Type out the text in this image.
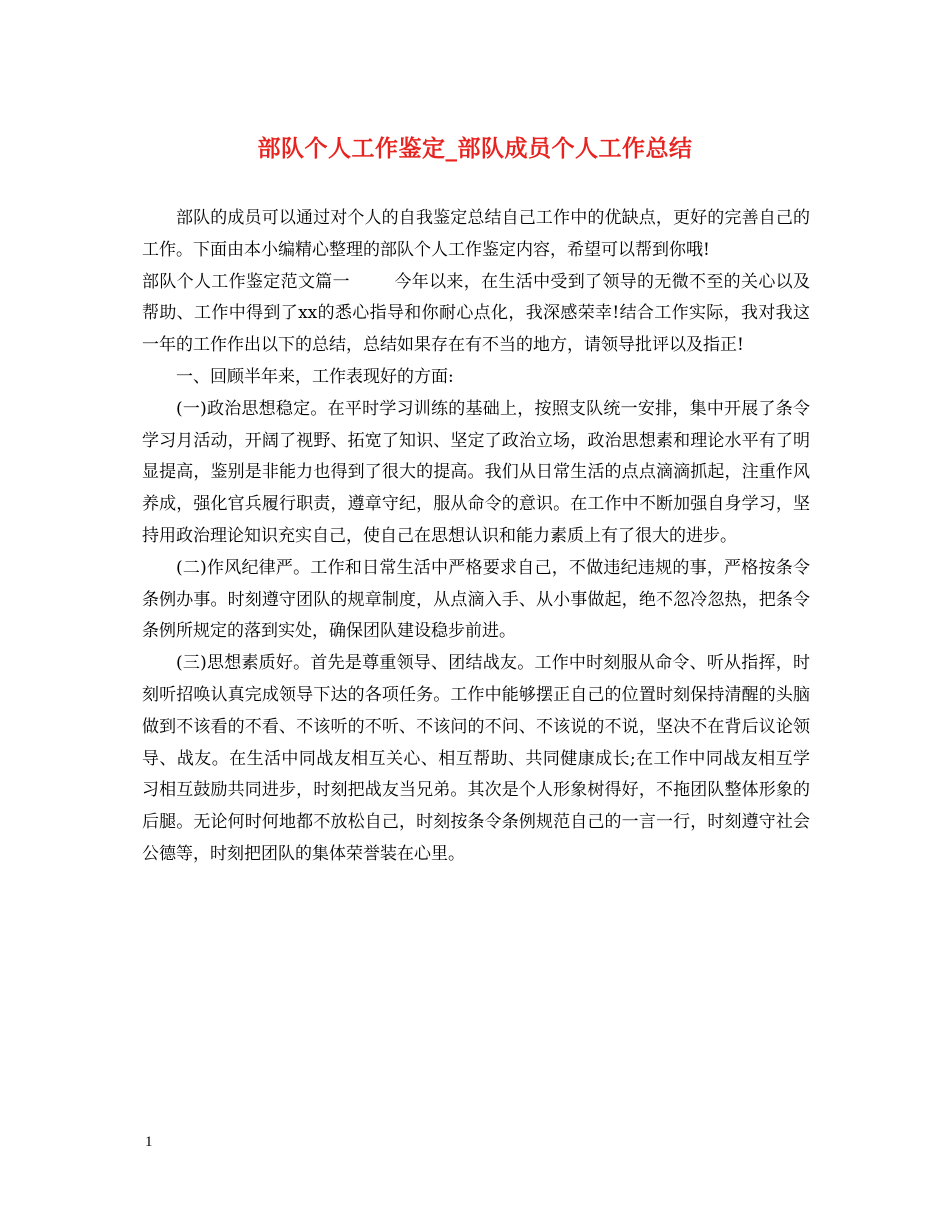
部队个人工作鉴定_部队成员个人工作总结

部队的成员可以通过对个人的自我鉴定总结自己工作中的优缺点，更好的完善自己的工作。下面由本小编精心整理的部队个人工作鉴定内容，希望可以帮到你哦!

部队个人工作鉴定范文篇一	今年以来，在生活中受到了领导的无微不至的关心以及帮助、工作中得到了xx的悉心指导和你耐心点化，我深感荣幸!结合工作实际，我对我这一年的工作作出以下的总结，总结如果存在有不当的地方，请领导批评以及指正!

一、回顾半年来，工作表现好的方面:

(一)政治思想稳定。在平时学习训练的基础上，按照支队统一安排，集中开展了条令学习月活动，开阔了视野、拓宽了知识、坚定了政治立场，政治思想素和理论水平有了明显提高，鉴别是非能力也得到了很大的提高。我们从日常生活的点点滴滴抓起，注重作风养成，强化官兵履行职责，遵章守纪，服从命令的意识。在工作中不断加强自身学习，坚持用政治理论知识充实自己，使自己在思想认识和能力素质上有了很大的进步。

(二)作风纪律严。工作和日常生活中严格要求自己，不做违纪违规的事，严格按条令条例办事。时刻遵守团队的规章制度，从点滴入手、从小事做起，绝不忽冷忽热，把条令条例所规定的落到实处，确保团队建设稳步前进。

(三)思想素质好。首先是尊重领导、团结战友。工作中时刻服从命令、听从指挥，时刻听招唤认真完成领导下达的各项任务。工作中能够摆正自己的位置时刻保持清醒的头脑做到不该看的不看、不该听的不听、不该问的不问、不该说的不说，坚决不在背后议论领导、战友。在生活中同战友相互关心、相互帮助、共同健康成长;在工作中同战友相互学习相互鼓励共同进步，时刻把战友当兄弟。其次是个人形象树得好，不拖团队整体形象的后腿。无论何时何地都不放松自己，时刻按条令条例规范自己的一言一行，时刻遵守社会公德等，时刻把团队的集体荣誉装在心里。

1
